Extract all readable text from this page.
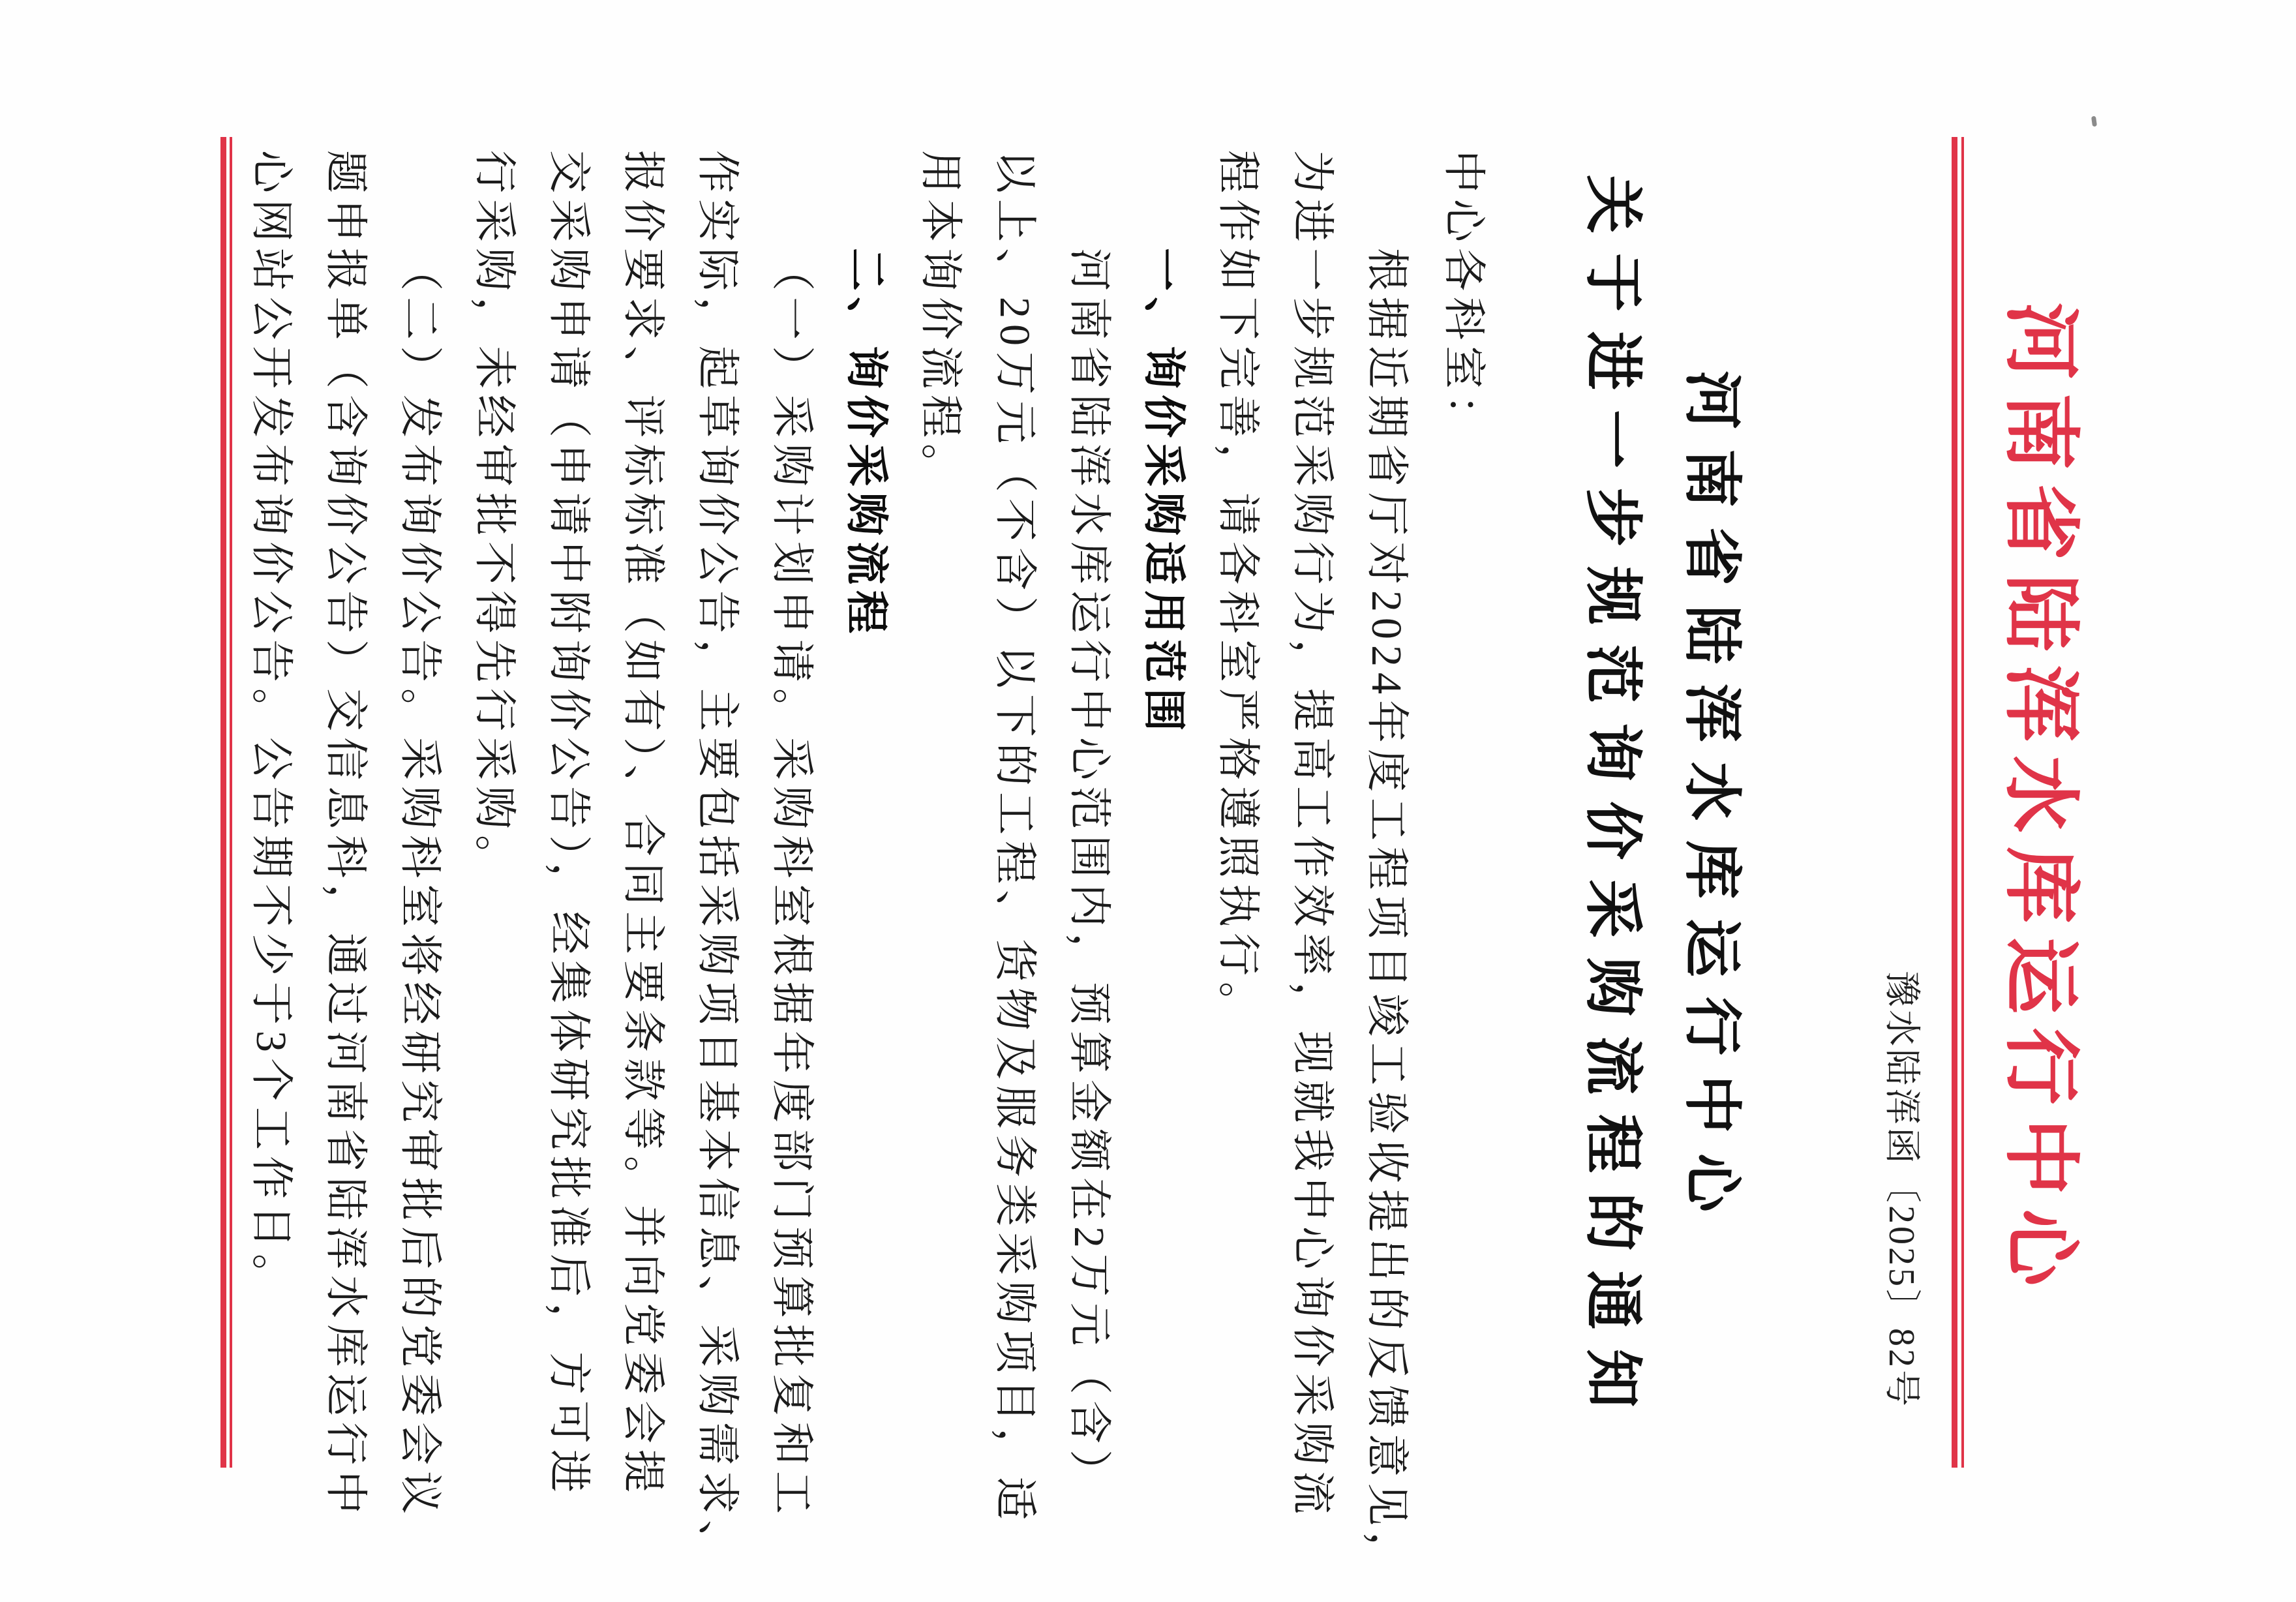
河南省陆浑水库运行中心
豫水陆浑函〔2025〕82号
河南省陆浑水库运行中心
关于进一步规范询价采购流程的通知
中心各科室：
根据近期省厅对2024年度工程项目竣工验收提出的反馈意见，
为进一步规范采购行为，提高工作效率，现就我中心询价采购流
程作如下完善，请各科室严格遵照执行。
一、询价采购适用范围
河南省陆浑水库运行中心范围内，预算金额在2万元（含）
以上、20万元（不含）以下的工程、货物及服务类采购项目，适
用本询价流程。
二、询价采购流程
（一）采购计划申请。采购科室根据年度部门预算批复和工
作实际，起草询价公告，主要包括采购项目基本信息、采购需求、
报价要求、评标标准（如有）、合同主要条款等。并向党委会提
交采购申请（申请中附询价公告），经集体研究批准后，方可进
行采购，未经审批不得先行采购。
（二）发布询价公告。采购科室将经研究审批后的党委会议
题申报单（含询价公告）交信息科，通过河南省陆浑水库运行中
心网站公开发布询价公告。公告期不少于3个工作日。
